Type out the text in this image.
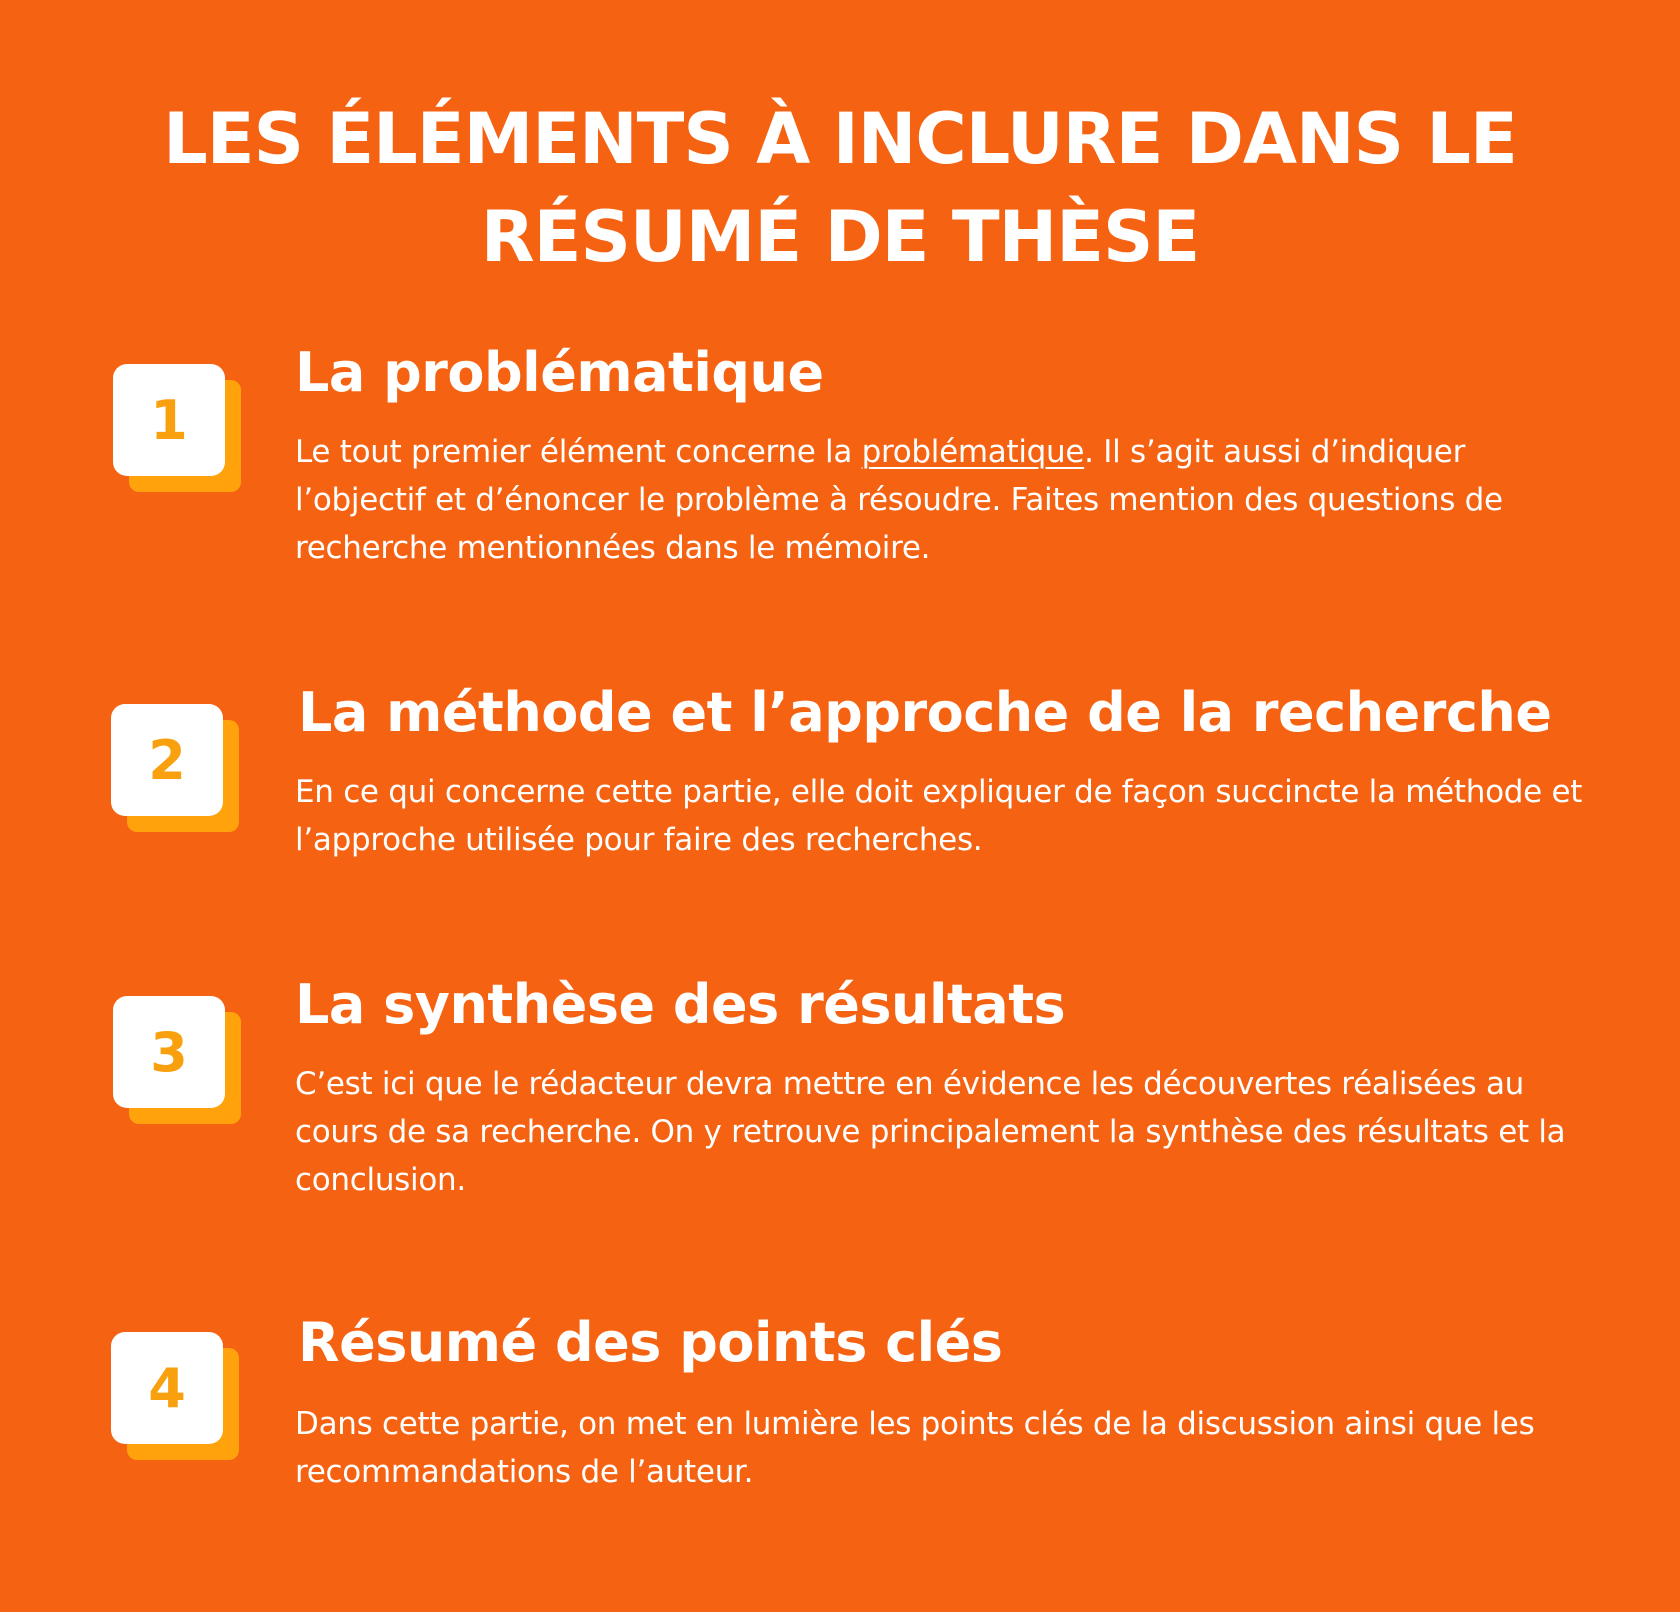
LES ÉLÉMENTS À INCLURE DANS LE
RÉSUMÉ DE THÈSE
1
La problématique

Le tout premier élément concerne la problématique. Il s’agit aussi d’indiquer l’objectif et d’énoncer le problème à résoudre. Faites mention des questions de recherche mentionnées dans le mémoire.

2
La méthode et l’approche de la recherche

En ce qui concerne cette partie, elle doit expliquer de façon succincte la méthode et l’approche utilisée pour faire des recherches.

3
La synthèse des résultats

C’est ici que le rédacteur devra mettre en évidence les découvertes réalisées au cours de sa recherche. On y retrouve principalement la synthèse des résultats et la conclusion.

4
Résumé des points clés

Dans cette partie, on met en lumière les points clés de la discussion ainsi que les recommandations de l’auteur.
